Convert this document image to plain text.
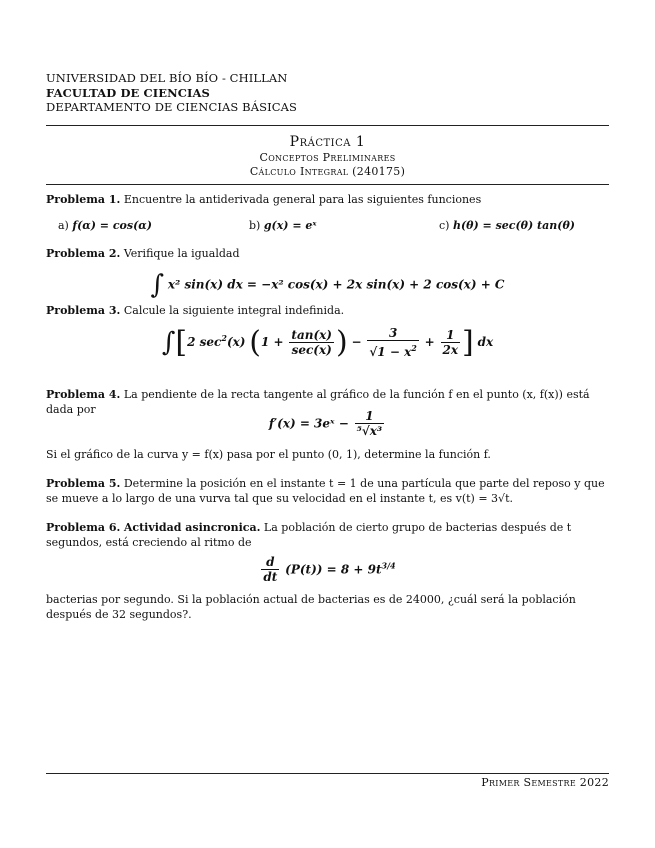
UNIVERSIDAD DEL BÍO BÍO - CHILLAN
FACULTAD DE CIENCIAS
DEPARTAMENTO DE CIENCIAS BÁSICAS
Práctica 1
Conceptos Preliminares
Cálculo Integral (240175)
Problema 1. Encuentre la antiderivada general para las siguientes funciones
a) f(α) = cos(α)	b) g(x) = eˣ	c) h(θ) = sec(θ) tan(θ)
Problema 2. Verifique la igualdad
∫ x² sin(x) dx = −x² cos(x) + 2x sin(x) + 2 cos(x) + C
Problema 3. Calcule la siguiente integral indefinida.
∫[2 $\sec^2(x) (1 + \frac{\tan(x)}{\sec(x)}$ ) − $\frac{3}{√1 - x^2} + \frac{1}{2x}$ ] dx
Problema 4. La pendiente de la recta tangente al gráfico de la función f en el punto (x, f(x)) está dada por
f′(x) = 3eˣ − $\frac{1}{\text{⁵√x³}}$
Si el gráfico de la curva y = f(x) pasa por el punto (0, 1), determine la función f.
Problema 5. Determine la posición en el instante t = 1 de una partícula que parte del reposo y que se mueve a lo largo de una vurva tal que su velocidad en el instante t, es v(t) = 3√t.
Problema 6. Actividad asincronica. La población de cierto grupo de bacterias después de t segundos, está creciendo al ritmo de
$\frac{d}{dt} (P(t)) = 8 + 9t^{3/4}$
bacterias por segundo. Si la población actual de bacterias es de 24000, ¿cuál será la población después de 32 segundos?.
Primer Semestre 2022
